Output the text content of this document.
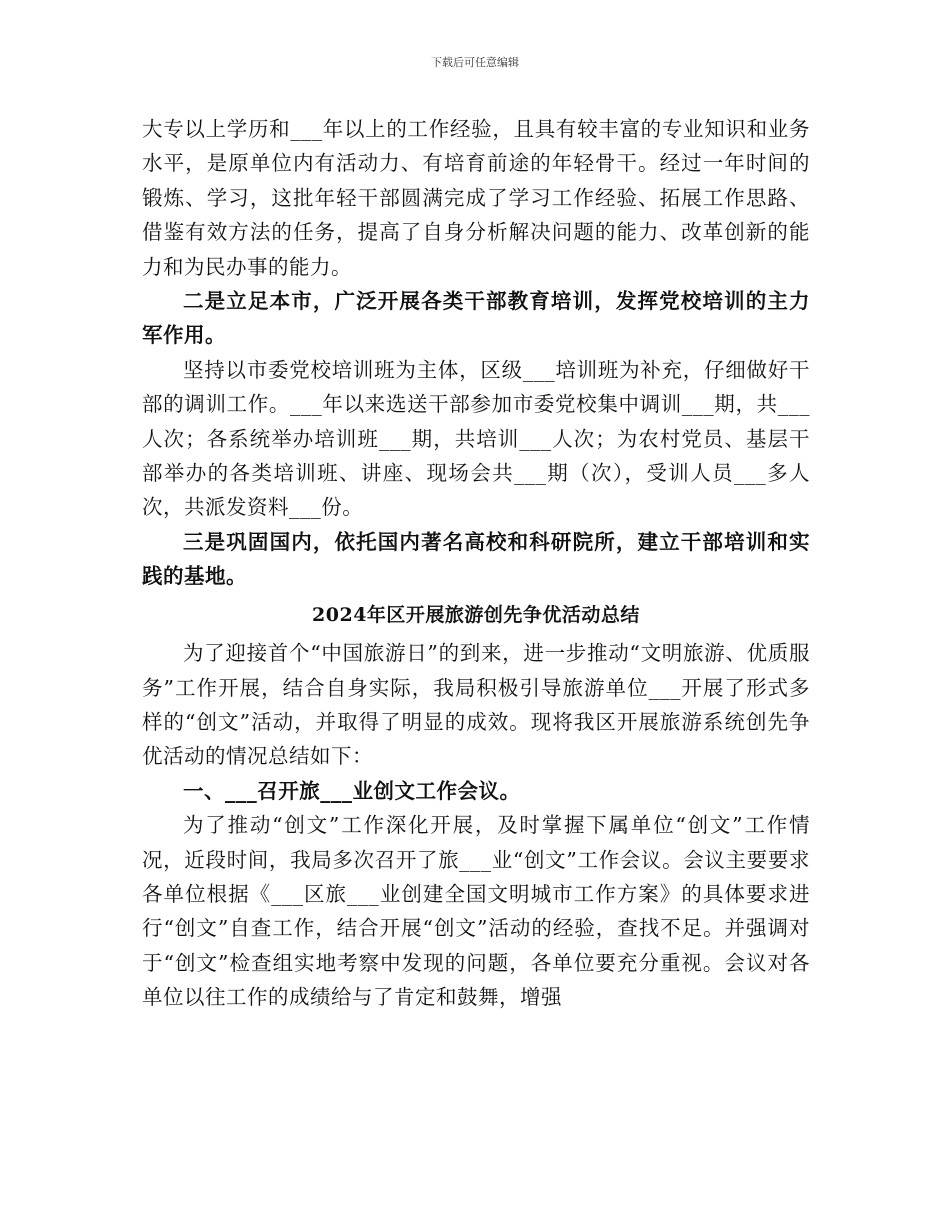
下载后可任意编辑

大专以上学历和___年以上的工作经验，且具有较丰富的专业知识和业务水平，是原单位内有活动力、有培育前途的年轻骨干。经过一年时间的锻炼、学习，这批年轻干部圆满完成了学习工作经验、拓展工作思路、借鉴有效方法的任务，提高了自身分析解决问题的能力、改革创新的能力和为民办事的能力。

二是立足本市，广泛开展各类干部教育培训，发挥党校培训的主力军作用。

坚持以市委党校培训班为主体，区级___培训班为补充，仔细做好干部的调训工作。___年以来选送干部参加市委党校集中调训___期，共___人次；各系统举办培训班___期，共培训___人次；为农村党员、基层干部举办的各类培训班、讲座、现场会共___期（次），受训人员___多人次，共派发资料___份。

三是巩固国内，依托国内著名高校和科研院所，建立干部培训和实践的基地。

2024年区开展旅游创先争优活动总结

为了迎接首个“中国旅游日”的到来，进一步推动“文明旅游、优质服务”工作开展，结合自身实际，我局积极引导旅游单位___开展了形式多样的“创文”活动，并取得了明显的成效。现将我区开展旅游系统创先争优活动的情况总结如下：

一、___召开旅___业创文工作会议。

为了推动“创文”工作深化开展，及时掌握下属单位“创文”工作情况，近段时间，我局多次召开了旅___业“创文”工作会议。会议主要要求各单位根据《___区旅___业创建全国文明城市工作方案》的具体要求进行“创文”自查工作，结合开展“创文”活动的经验，查找不足。并强调对于“创文”检查组实地考察中发现的问题，各单位要充分重视。会议对各单位以往工作的成绩给与了肯定和鼓舞，增强
